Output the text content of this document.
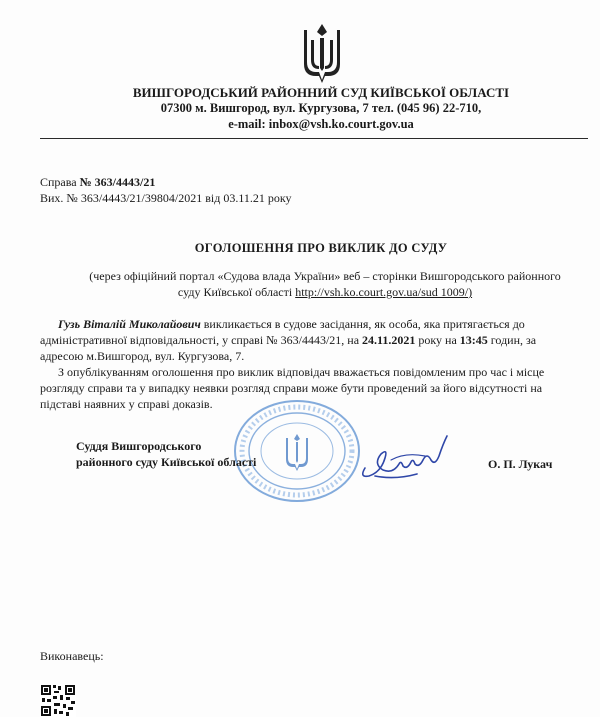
ВИШГОРОДСЬКИЙ РАЙОННИЙ СУД КИЇВСЬКОЇ ОБЛАСТІ
07300 м. Вишгород, вул. Кургузова, 7 тел. (045 96) 22-710,
e-mail: inbox@vsh.ko.court.gov.ua
Справа № 363/4443/21
Вих. № 363/4443/21/39804/2021 від 03.11.21 року
ОГОЛОШЕННЯ ПРО ВИКЛИК ДО СУДУ
(через офіційний портал «Судова влада України» веб – сторінки Вишгородського районного
суду Київської області http://vsh.ko.court.gov.ua/sud 1009/)
Гузь Віталій Миколайович викликається в судове засідання, як особа, яка притягається до
адміністративної відповідальності, у справі № 363/4443/21, на 24.11.2021 року на 13:45 годин, за
адресою м.Вишгород, вул. Кургузова, 7.
З опублікуванням оголошення про виклик відповідач вважається повідомленим про час і місце
розгляду справи та у випадку неявки розгляд справи може бути проведений за його відсутності на
підставі наявних у справі доказів.
Суддя Вишгородського
районного суду Київської області	О. П. Лукач
Виконавець:
